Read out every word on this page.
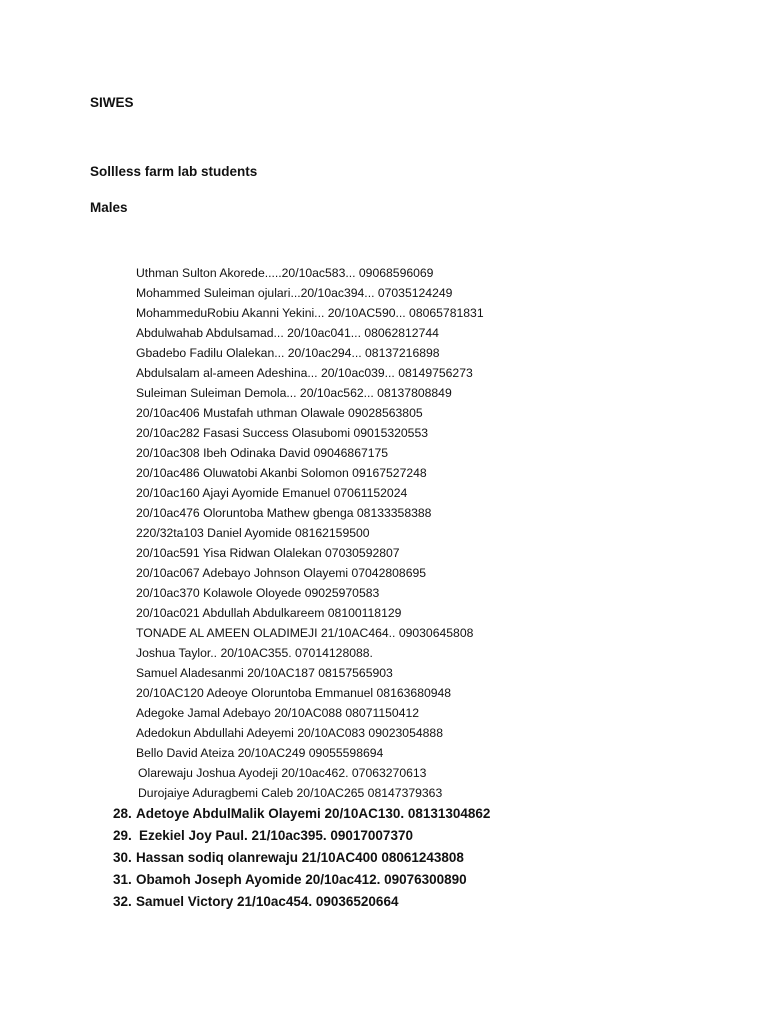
SIWES
Sollless farm lab students
Males
Uthman Sulton Akorede.....20/10ac583... 09068596069
Mohammed Suleiman ojulari...20/10ac394... 07035124249
MohammeduRobiu Akanni Yekini... 20/10AC590... 08065781831
Abdulwahab Abdulsamad... 20/10ac041... 08062812744
Gbadebo Fadilu Olalekan... 20/10ac294... 08137216898
Abdulsalam al-ameen Adeshina... 20/10ac039... 08149756273
Suleiman Suleiman Demola... 20/10ac562... 08137808849
20/10ac406 Mustafah uthman Olawale 09028563805
20/10ac282 Fasasi Success Olasubomi 09015320553
20/10ac308 Ibeh Odinaka David 09046867175
20/10ac486 Oluwatobi Akanbi Solomon 09167527248
20/10ac160 Ajayi Ayomide Emanuel 07061152024
20/10ac476 Oloruntoba Mathew gbenga 08133358388
220/32ta103 Daniel Ayomide 08162159500
20/10ac591 Yisa Ridwan Olalekan 07030592807
20/10ac067 Adebayo Johnson Olayemi 07042808695
20/10ac370 Kolawole Oloyede 09025970583
20/10ac021 Abdullah Abdulkareem 08100118129
TONADE AL AMEEN OLADIMEJI 21/10AC464.. 09030645808
Joshua Taylor.. 20/10AC355. 07014128088.
Samuel Aladesanmi 20/10AC187 08157565903
20/10AC120 Adeoye Oloruntoba Emmanuel 08163680948
Adegoke Jamal Adebayo 20/10AC088 08071150412
Adedokun Abdullahi Adeyemi 20/10AC083 09023054888
Bello David Ateiza 20/10AC249 09055598694
Olarewaju Joshua Ayodeji 20/10ac462. 07063270613
Durojaiye Aduragbemi Caleb 20/10AC265 08147379363
28. Adetoye AbdulMalik Olayemi 20/10AC130. 08131304862
29. Ezekiel Joy Paul. 21/10ac395. 09017007370
30. Hassan sodiq olanrewaju 21/10AC400 08061243808
31. Obamoh Joseph Ayomide 20/10ac412. 09076300890
32. Samuel Victory 21/10ac454. 09036520664
